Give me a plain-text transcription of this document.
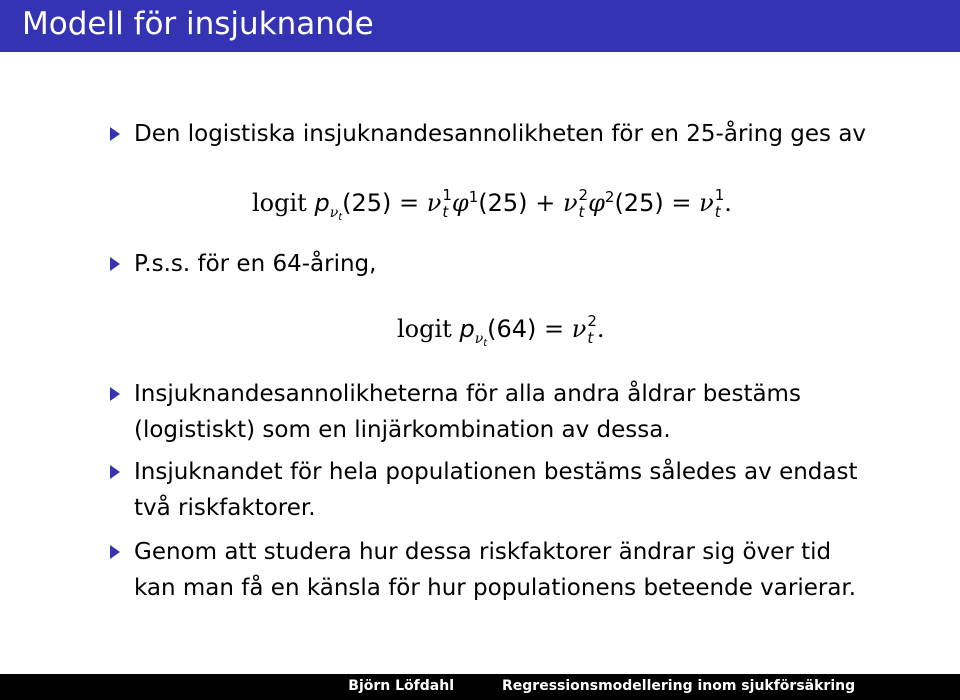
Modell för insjuknande
Den logistiska insjuknandesannolikheten för en 25-åring ges av
logit $p_{\nu_t}(25) = \nu$ 1
t $\varphi^1(25) + \nu$ 2
t $\varphi^2(25) = \nu$ 1
t .
P.s.s. för en 64-åring,
logit $p_{\nu_t}(64) = \nu$ 2
t .
Insjuknandesannolikheterna för alla andra åldrar bestäms
(logistiskt) som en linjärkombination av dessa.
Insjuknandet för hela populationen bestäms således av endast
två riskfaktorer.
Genom att studera hur dessa riskfaktorer ändrar sig över tid
kan man få en känsla för hur populationens beteende varierar.
Björn Löfdahl	Regressionsmodellering inom sjukförsäkring
